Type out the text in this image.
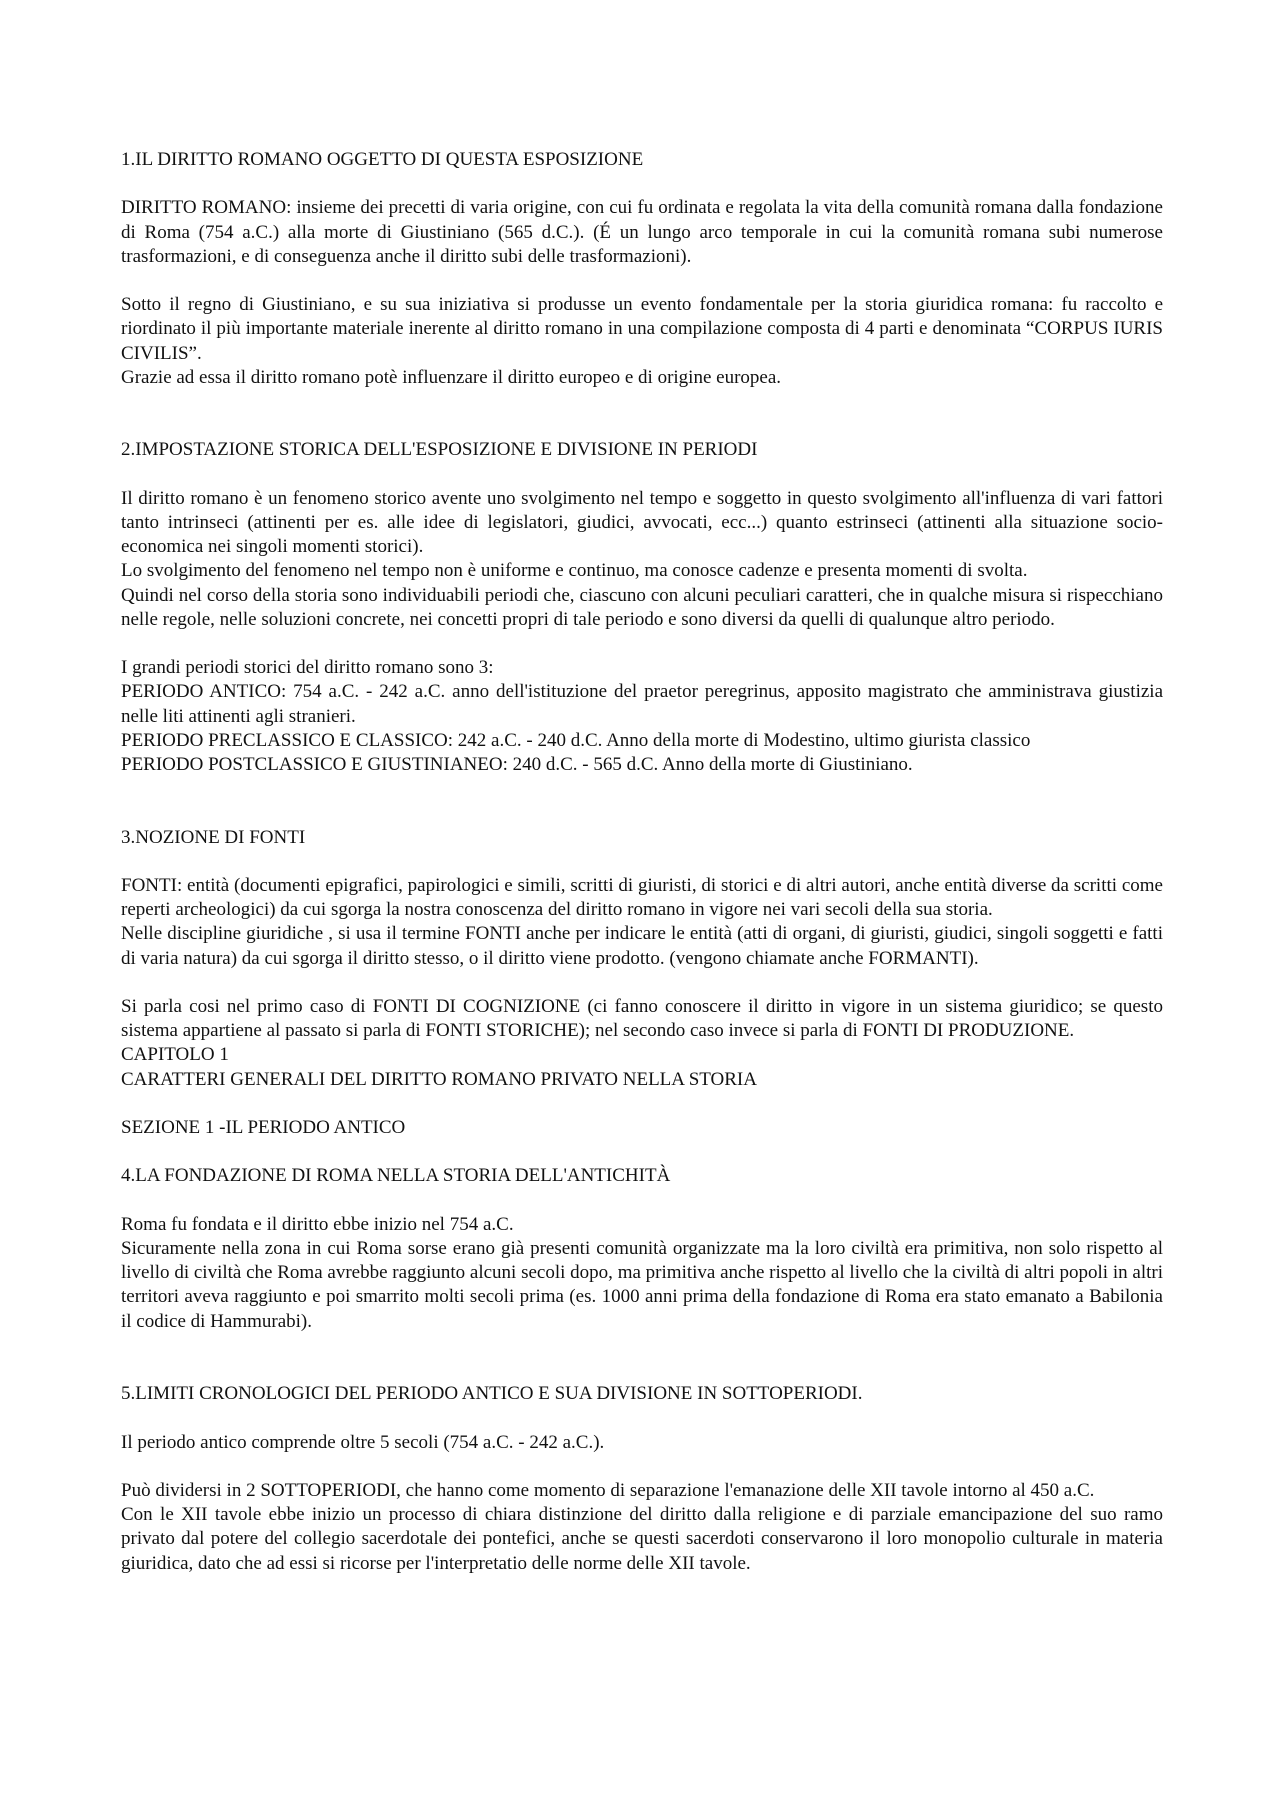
1.IL DIRITTO ROMANO OGGETTO DI QUESTA ESPOSIZIONE

DIRITTO ROMANO: insieme dei precetti di varia origine, con cui fu ordinata e regolata la vita della comunità romana dalla fondazione di Roma (754 a.C.) alla morte di Giustiniano (565 d.C.). (É un lungo arco temporale in cui la comunità romana subi numerose trasformazioni, e di conseguenza anche il diritto subi delle trasformazioni).

Sotto il regno di Giustiniano, e su sua iniziativa si produsse un evento fondamentale per la storia giuridica romana: fu raccolto e riordinato il più importante materiale inerente al diritto romano in una compilazione composta di 4 parti e denominata “CORPUS IURIS CIVILIS”.

Grazie ad essa il diritto romano potè influenzare il diritto europeo e di origine europea.

2.IMPOSTAZIONE STORICA DELL'ESPOSIZIONE E DIVISIONE IN PERIODI

Il diritto romano è un fenomeno storico avente uno svolgimento nel tempo e soggetto in questo svolgimento all'influenza di vari fattori tanto intrinseci (attinenti per es. alle idee di legislatori, giudici, avvocati, ecc...) quanto estrinseci (attinenti alla situazione socio- economica nei singoli momenti storici).

Lo svolgimento del fenomeno nel tempo non è uniforme e continuo, ma conosce cadenze e presenta momenti di svolta.

Quindi nel corso della storia sono individuabili periodi che, ciascuno con alcuni peculiari caratteri, che in qualche misura si rispecchiano nelle regole, nelle soluzioni concrete, nei concetti propri di tale periodo e sono diversi da quelli di qualunque altro periodo.

I grandi periodi storici del diritto romano sono 3:

PERIODO ANTICO: 754 a.C. - 242 a.C. anno dell'istituzione del praetor peregrinus, apposito magistrato che amministrava giustizia nelle liti attinenti agli stranieri.

PERIODO PRECLASSICO E CLASSICO: 242 a.C. - 240 d.C. Anno della morte di Modestino, ultimo giurista classico

PERIODO POSTCLASSICO E GIUSTINIANEO: 240 d.C. - 565 d.C. Anno della morte di Giustiniano.

3.NOZIONE DI FONTI

FONTI: entità (documenti epigrafici, papirologici e simili, scritti di giuristi, di storici e di altri autori, anche entità diverse da scritti come reperti archeologici) da cui sgorga la nostra conoscenza del diritto romano in vigore nei vari secoli della sua storia.

Nelle discipline giuridiche , si usa il termine FONTI anche per indicare le entità (atti di organi, di giuristi, giudici, singoli soggetti e fatti di varia natura) da cui sgorga il diritto stesso, o il diritto viene prodotto. (vengono chiamate anche FORMANTI).

Si parla cosi nel primo caso di FONTI DI COGNIZIONE (ci fanno conoscere il diritto in vigore in un sistema giuridico; se questo sistema appartiene al passato si parla di FONTI STORICHE); nel secondo caso invece si parla di FONTI DI PRODUZIONE.

CAPITOLO 1

CARATTERI GENERALI DEL DIRITTO ROMANO PRIVATO NELLA STORIA

SEZIONE 1 -IL PERIODO ANTICO

4.LA FONDAZIONE DI ROMA NELLA STORIA DELL'ANTICHITÀ

Roma fu fondata e il diritto ebbe inizio nel 754 a.C.

Sicuramente nella zona in cui Roma sorse erano già presenti comunità organizzate ma la loro civiltà era primitiva, non solo rispetto al livello di civiltà che Roma avrebbe raggiunto alcuni secoli dopo, ma primitiva anche rispetto al livello che la civiltà di altri popoli in altri territori aveva raggiunto e poi smarrito molti secoli prima (es. 1000 anni prima della fondazione di Roma era stato emanato a Babilonia il codice di Hammurabi).

5.LIMITI CRONOLOGICI DEL PERIODO ANTICO E SUA DIVISIONE IN SOTTOPERIODI.

Il periodo antico comprende oltre 5 secoli (754 a.C. - 242 a.C.).

Può dividersi in 2 SOTTOPERIODI, che hanno come momento di separazione l'emanazione delle XII tavole intorno al 450 a.C.

Con le XII tavole ebbe inizio un processo di chiara distinzione del diritto dalla religione e di parziale emancipazione del suo ramo privato dal potere del collegio sacerdotale dei pontefici, anche se questi sacerdoti conservarono il loro monopolio culturale in materia giuridica, dato che ad essi si ricorse per l'interpretatio delle norme delle XII tavole.
